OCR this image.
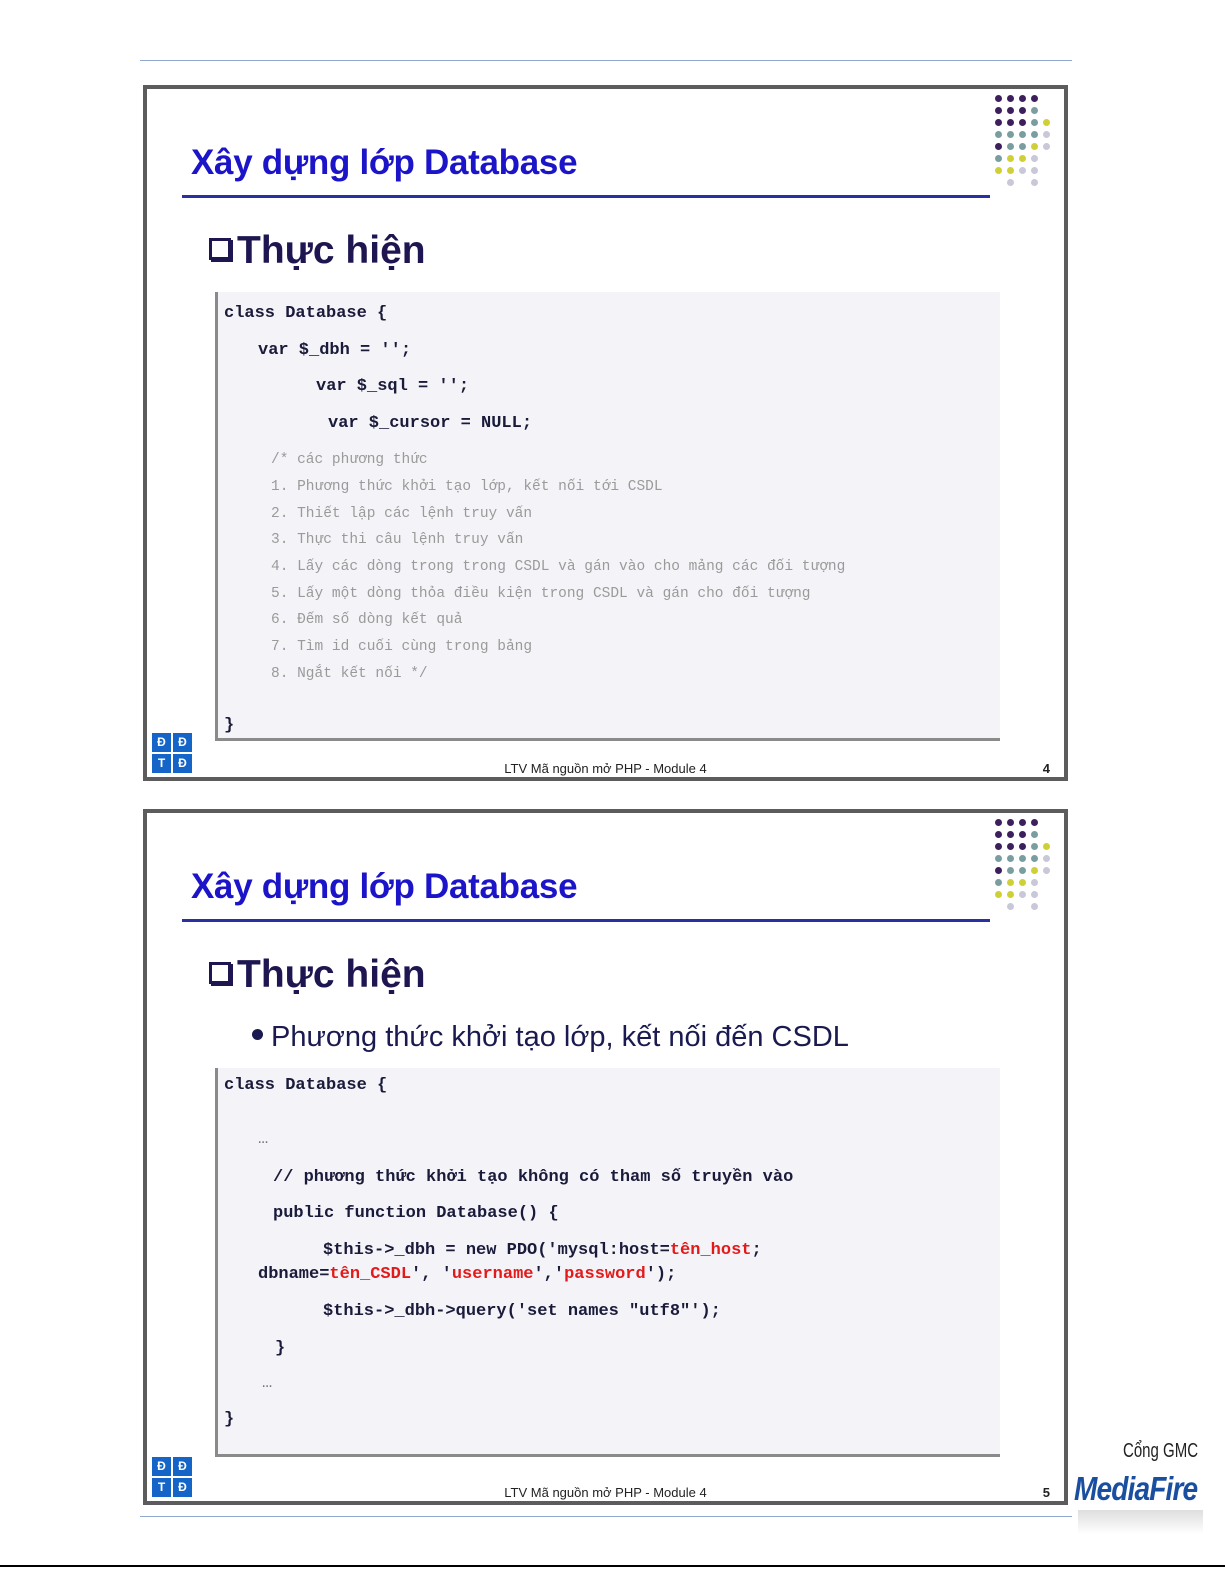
Xây dựng lớp Database
Thực hiện
class Database {
var $_dbh = '';
var $_sql = '';
var $_cursor = NULL;
/* các phương thức
1. Phương thức khởi tạo lớp, kết nối tới CSDL
2. Thiết lập các lệnh truy vấn
3. Thực thi câu lệnh truy vấn
4. Lấy các dòng trong trong CSDL và gán vào cho mảng các đối tượng
5. Lấy một dòng thỏa điều kiện trong CSDL và gán cho đối tượng
6. Đếm số dòng kết quả
7. Tìm id cuối cùng trong bảng
8. Ngắt kết nối */
}
Đ	Đ
T	Đ	LTV Mã nguồn mở PHP - Module 4	4
Xây dựng lớp Database
Thực hiện
Phương thức khởi tạo lớp, kết nối đến CSDL
class Database {
…
// phương thức khởi tạo không có tham số truyền vào
public function Database() {
$this->_dbh = new PDO('mysql:host=tên_host;
dbname=tên_CSDL', 'username','password');
$this->_dbh->query('set names "utf8"');
}
…
}
Đ	Đ
T	Đ	LTV Mã nguồn mở PHP - Module 4	5
Cổng GMC
MediaFire
